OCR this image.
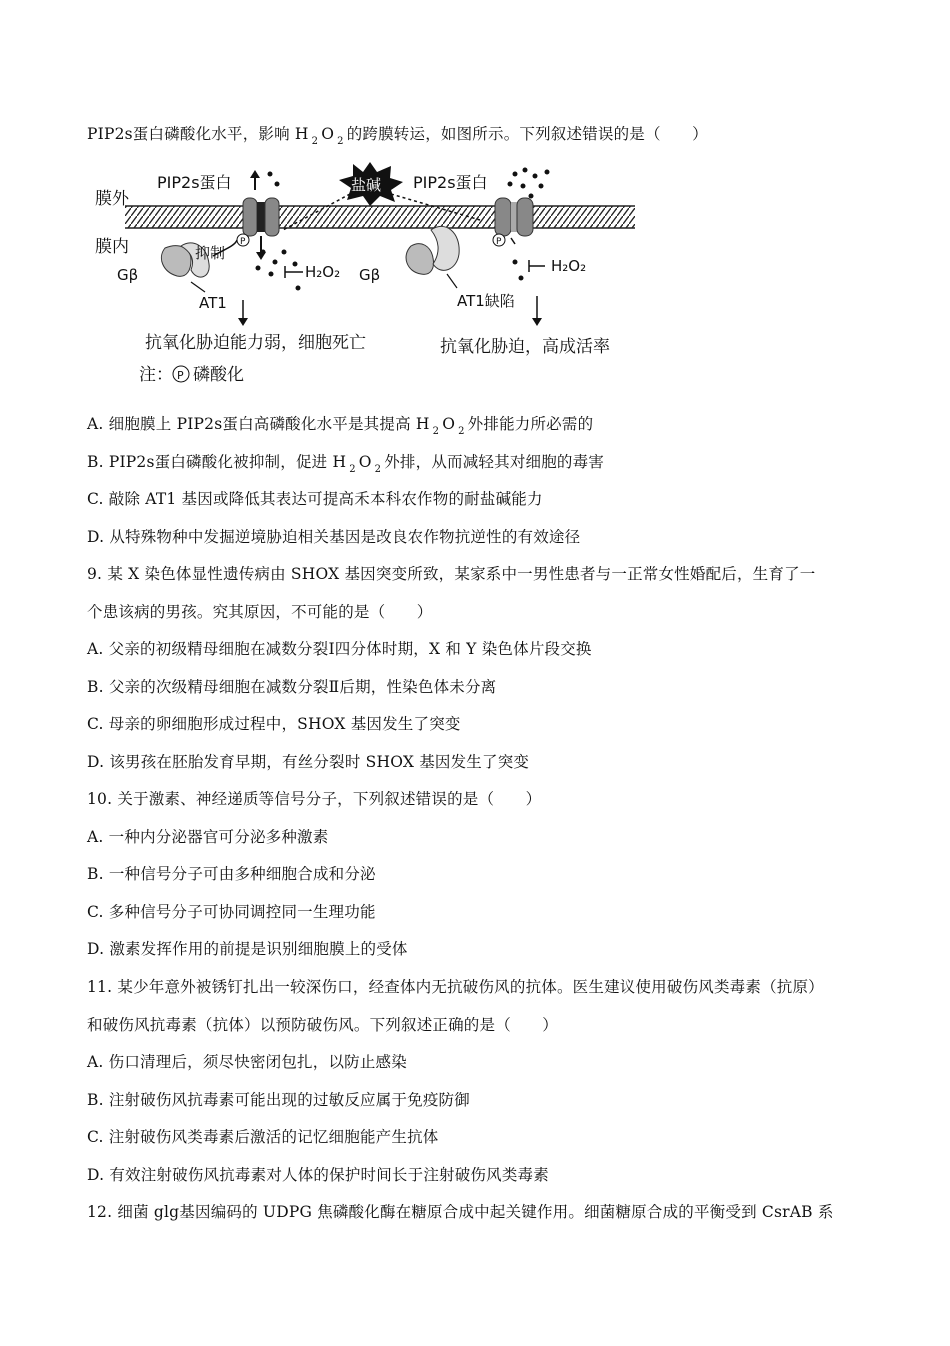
PIP2s蛋白磷酸化水平，影响 H $_2$ O $_2$ 的跨膜转运，如图所示。下列叙述错误的是（　　）
膜外
膜内
PIP2s蛋白
P
H₂O₂
盐碱
Gβ
抑制
AT1
抗氧化胁迫能力弱，细胞死亡
注： P 磷酸化
PIP2s蛋白
P
H₂O₂
Gβ
AT1缺陷
抗氧化胁迫，高成活率
A. 细胞膜上 PIP2s蛋白高磷酸化水平是其提高 H $_2$ O $_2$ 外排能力所必需的
B. PIP2s蛋白磷酸化被抑制，促进 H $_2$ O $_2$ 外排，从而减轻其对细胞的毒害
C. 敲除 AT1 基因或降低其表达可提高禾本科农作物的耐盐碱能力
D. 从特殊物种中发掘逆境胁迫相关基因是改良农作物抗逆性的有效途径
9. 某 X 染色体显性遗传病由 SHOX 基因突变所致，某家系中一男性患者与一正常女性婚配后，生育了一
个患该病的男孩。究其原因，不可能的是（　　）
A. 父亲的初级精母细胞在减数分裂Ⅰ四分体时期，X 和 Y 染色体片段交换
B. 父亲的次级精母细胞在减数分裂Ⅱ后期，性染色体未分离
C. 母亲的卵细胞形成过程中，SHOX 基因发生了突变
D. 该男孩在胚胎发育早期，有丝分裂时 SHOX 基因发生了突变
10. 关于激素、神经递质等信号分子，下列叙述错误的是（　　）
A. 一种内分泌器官可分泌多种激素
B. 一种信号分子可由多种细胞合成和分泌
C. 多种信号分子可协同调控同一生理功能
D. 激素发挥作用的前提是识别细胞膜上的受体
11. 某少年意外被锈钉扎出一较深伤口，经查体内无抗破伤风的抗体。医生建议使用破伤风类毒素（抗原）
和破伤风抗毒素（抗体）以预防破伤风。下列叙述正确的是（　　）
A. 伤口清理后，须尽快密闭包扎，以防止感染
B. 注射破伤风抗毒素可能出现的过敏反应属于免疫防御
C. 注射破伤风类毒素后激活的记忆细胞能产生抗体
D. 有效注射破伤风抗毒素对人体的保护时间长于注射破伤风类毒素
12. 细菌 glg基因编码的 UDPG 焦磷酸化酶在糖原合成中起关键作用。细菌糖原合成的平衡受到 CsrAB 系
